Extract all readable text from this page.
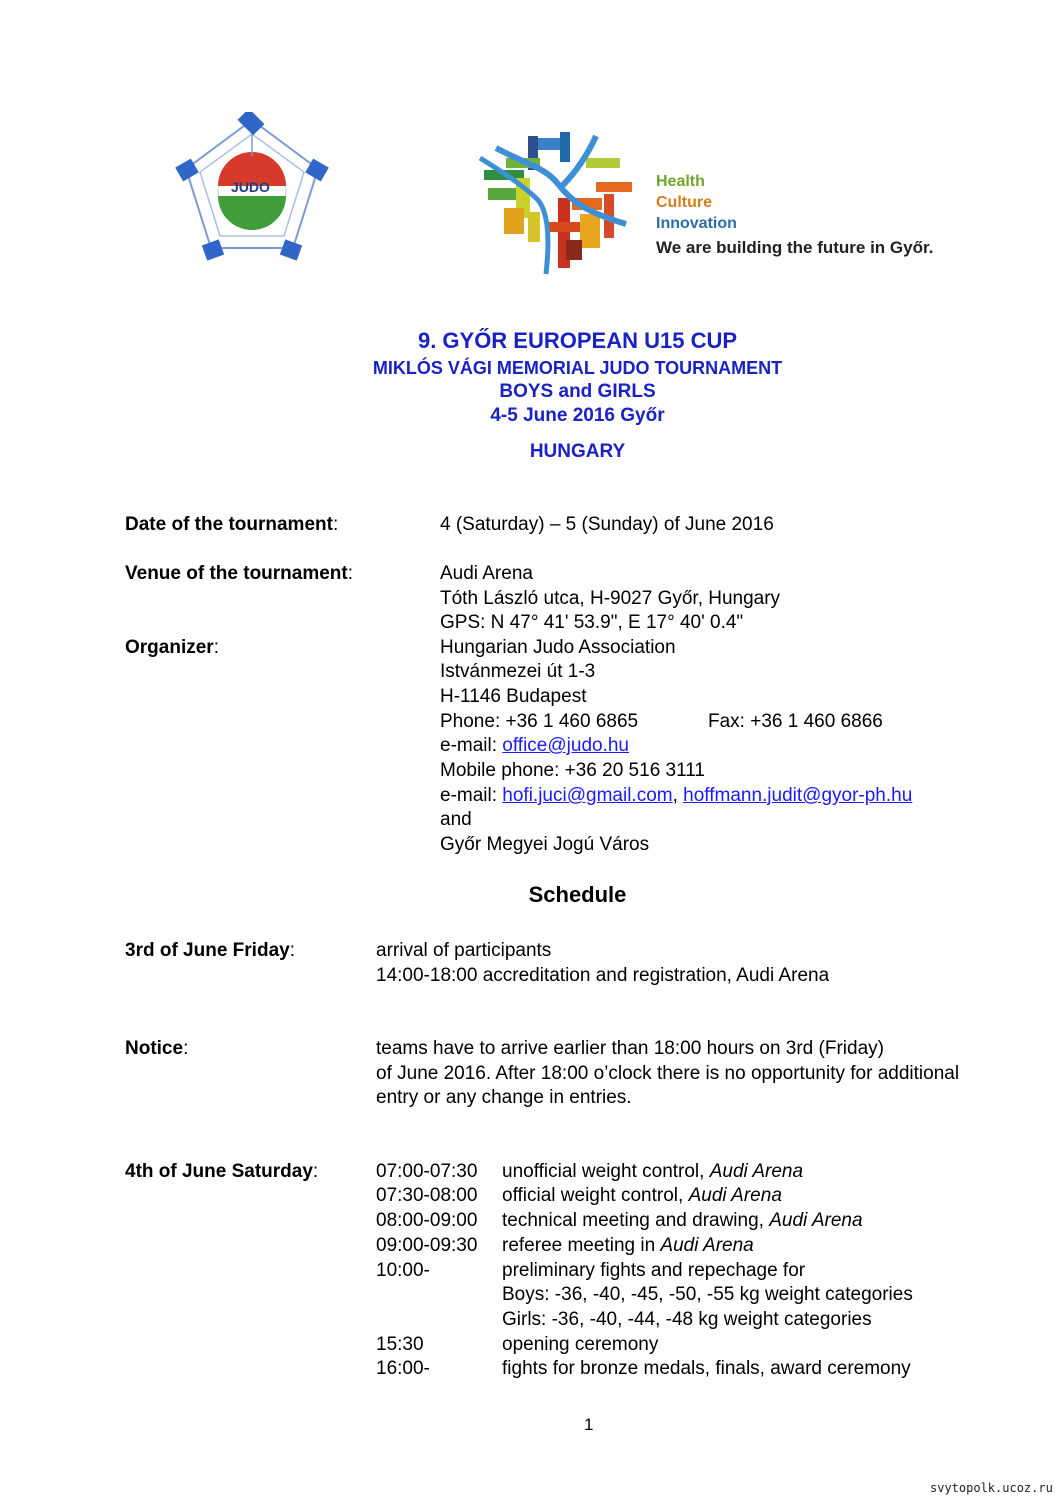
JUDO	Health
Culture
Innovation
We are building the future in Győr.
9. GYŐR EUROPEAN U15 CUP
MIKLÓS VÁGI MEMORIAL JUDO TOURNAMENT
BOYS and GIRLS
4-5 June 2016 Győr
HUNGARY
Date of the tournament:	4 (Saturday) – 5 (Sunday) of June 2016
Venue of the tournament:	Audi Arena
Tóth László utca, H-9027 Győr, Hungary
GPS: N 47° 41' 53.9", E 17° 40' 0.4"
Organizer:	Hungarian Judo Association
Istvánmezei út 1-3
H-1146 Budapest
Phone: +36 1 460 6865	Fax: +36 1 460 6866
e-mail: office@judo.hu
Mobile phone: +36 20 516 3111
e-mail: hofi.juci@gmail.com, hoffmann.judit@gyor-ph.hu
and
Győr Megyei Jogú Város
Schedule
3rd of June Friday:	arrival of participants
14:00-18:00 accreditation and registration, Audi Arena
Notice:	teams have to arrive earlier than 18:00 hours on 3rd (Friday)
of June 2016. After 18:00 o’clock there is no opportunity for additional
entry or any change in entries.
4th of June Saturday:	07:00-07:30 unofficial weight control, Audi Arena
07:30-08:00 official weight control, Audi Arena
08:00-09:00 technical meeting and drawing, Audi Arena
09:00-09:30 referee meeting in Audi Arena
10:00-	preliminary fights and repechage for
Boys: -36, -40, -45, -50, -55 kg weight categories
Girls: -36, -40, -44, -48 kg weight categories
15:30	opening ceremony
16:00-	fights for bronze medals, finals, award ceremony
1
svytopolk.ucoz.ru
